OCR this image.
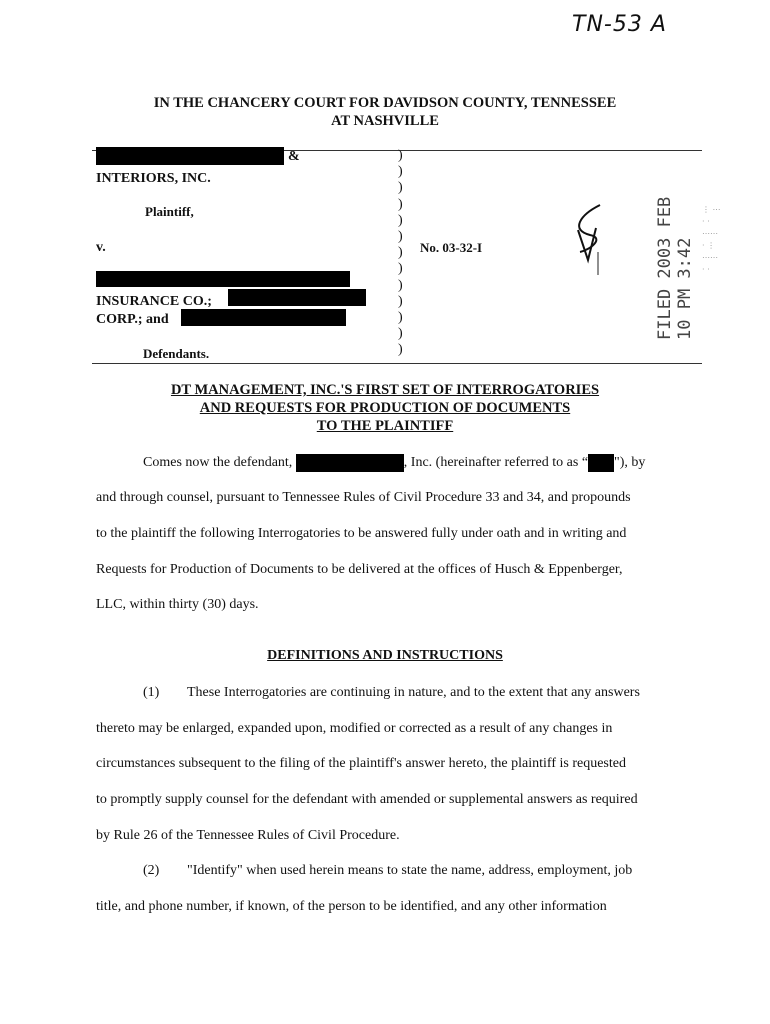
TN-53 A
IN THE CHANCERY COURT FOR DAVIDSON COUNTY, TENNESSEE
AT NASHVILLE
&
INTERIORS, INC.
Plaintiff,
v.
INSURANCE CO.;
CORP.; and
Defendants.
)
)
)
)
)
)
)
)
)
)
)
)
)
No. 03-32-I	FILED 2003 FEB 10 PM 3:42
⋮ ⋯
· ·
⋯⋯
· ⋮
⋯⋯
· ·
DT MANAGEMENT, INC.'S FIRST SET OF INTERROGATORIES
AND REQUESTS FOR PRODUCTION OF DOCUMENTS
TO THE PLAINTIFF
Comes now the defendant,	, Inc. (hereinafter referred to as “ "), by
and through counsel, pursuant to Tennessee Rules of Civil Procedure 33 and 34, and propounds
to the plaintiff the following Interrogatories to be answered fully under oath and in writing and
Requests for Production of Documents to be delivered at the offices of Husch & Eppenberger,
LLC, within thirty (30) days.
DEFINITIONS AND INSTRUCTIONS
(1) These Interrogatories are continuing in nature, and to the extent that any answers
thereto may be enlarged, expanded upon, modified or corrected as a result of any changes in
circumstances subsequent to the filing of the plaintiff's answer hereto, the plaintiff is requested
to promptly supply counsel for the defendant with amended or supplemental answers as required
by Rule 26 of the Tennessee Rules of Civil Procedure.
(2) "Identify" when used herein means to state the name, address, employment, job
title, and phone number, if known, of the person to be identified, and any other information
